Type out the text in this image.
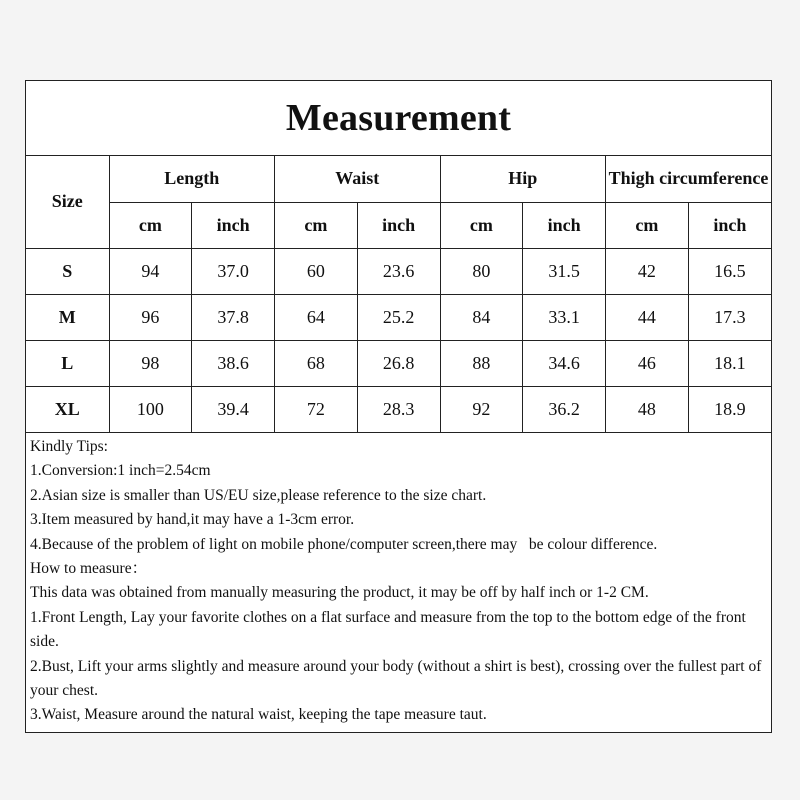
Measurement
Size	Length		Waist		Hip		Thigh circumference	
	cm	inch	cm	inch	cm	inch	cm	inch
S	94	37.0	60	23.6	80	31.5	42	16.5
M	96	37.8	64	25.2	84	33.1	44	17.3
L	98	38.6	68	26.8	88	34.6	46	18.1
XL	100	39.4	72	28.3	92	36.2	48	18.9

Kindly Tips:

1.Conversion:1 inch=2.54cm

2.Asian size is smaller than US/EU size,please reference to the size chart.

3.Item measured by hand,it may have a 1-3cm error.

4.Because of the problem of light on mobile phone/computer screen,there may   be colour difference.

How to measure：

This data was obtained from manually measuring the product, it may be off by half inch or 1-2 CM.

1.Front Length, Lay your favorite clothes on a flat surface and measure from the top to the bottom edge of the front side.

2.Bust, Lift your arms slightly and measure around your body (without a shirt is best), crossing over the fullest part of your chest.

3.Waist, Measure around the natural waist, keeping the tape measure taut.
